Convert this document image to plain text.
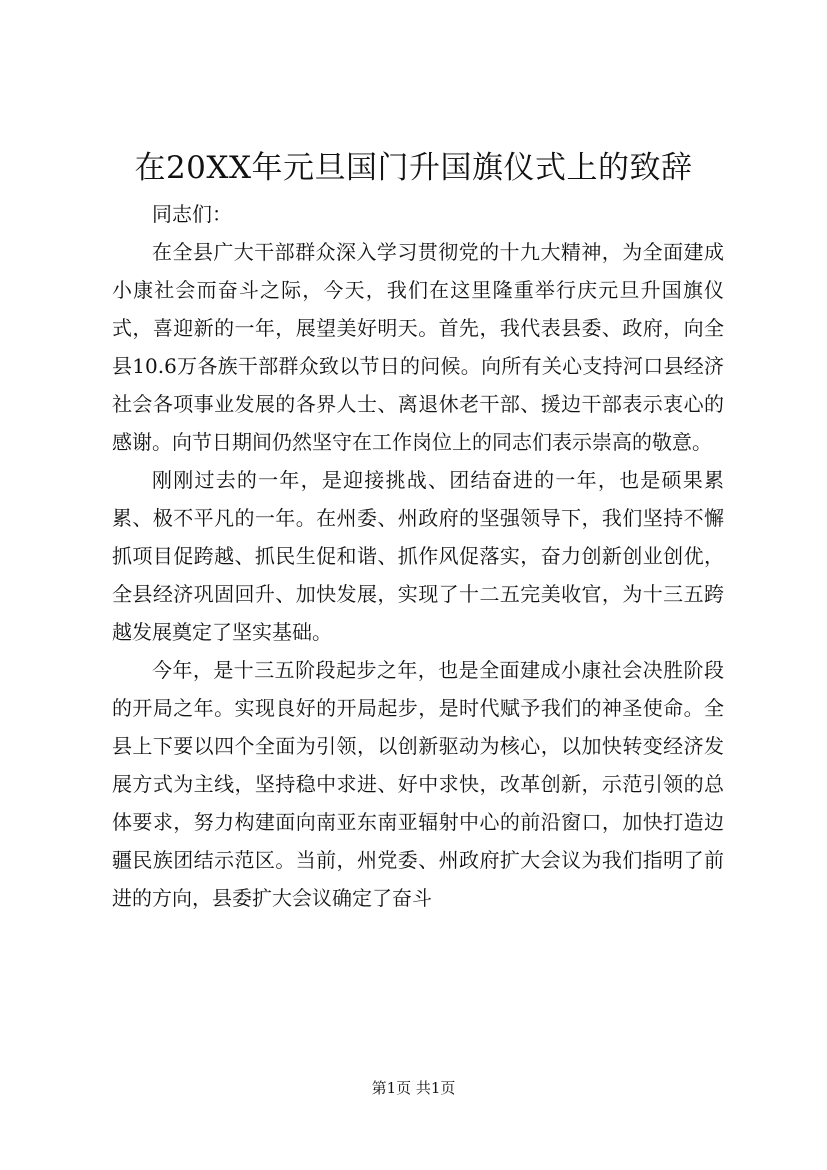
在20XX年元旦国门升国旗仪式上的致辞

同志们：

在全县广大干部群众深入学习贯彻党的十九大精神，为全面建成小康社会而奋斗之际，今天，我们在这里隆重举行庆元旦升国旗仪式，喜迎新的一年，展望美好明天。首先，我代表县委、政府，向全县10.6万各族干部群众致以节日的问候。向所有关心支持河口县经济社会各项事业发展的各界人士、离退休老干部、援边干部表示衷心的感谢。向节日期间仍然坚守在工作岗位上的同志们表示崇高的敬意。

刚刚过去的一年，是迎接挑战、团结奋进的一年，也是硕果累累、极不平凡的一年。在州委、州政府的坚强领导下，我们坚持不懈抓项目促跨越、抓民生促和谐、抓作风促落实，奋力创新创业创优，全县经济巩固回升、加快发展，实现了十二五完美收官，为十三五跨越发展奠定了坚实基础。

今年，是十三五阶段起步之年，也是全面建成小康社会决胜阶段的开局之年。实现良好的开局起步，是时代赋予我们的神圣使命。全县上下要以四个全面为引领，以创新驱动为核心，以加快转变经济发展方式为主线，坚持稳中求进、好中求快，改革创新，示范引领的总体要求，努力构建面向南亚东南亚辐射中心的前沿窗口，加快打造边疆民族团结示范区。当前，州党委、州政府扩大会议为我们指明了前进的方向，县委扩大会议确定了奋斗

第1页 共1页
